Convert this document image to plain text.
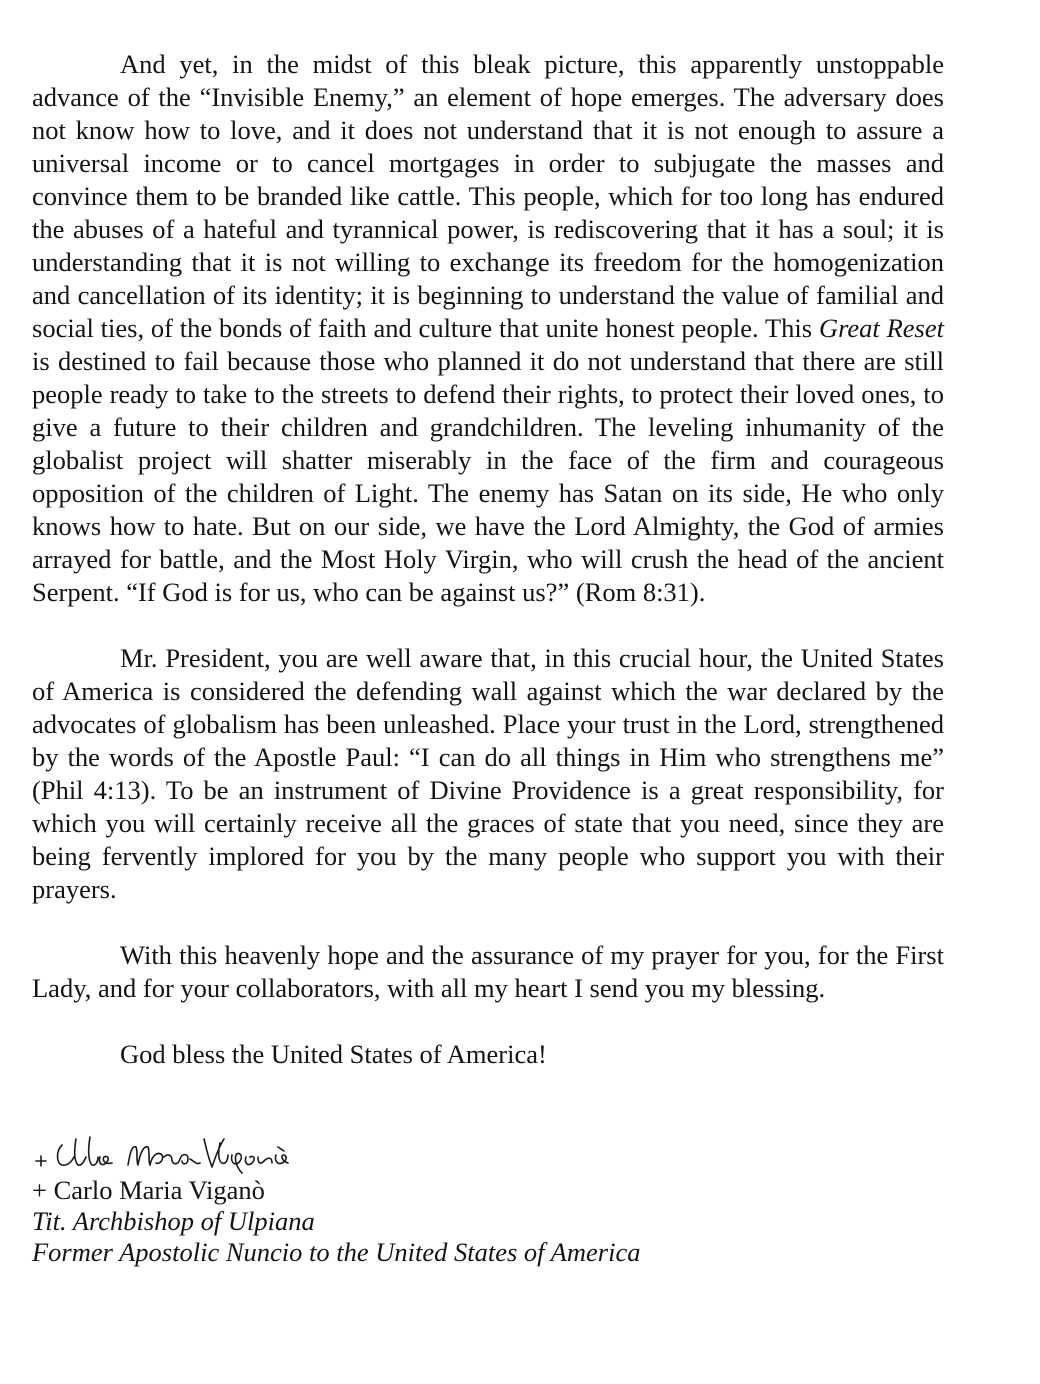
And yet, in the midst of this bleak picture, this apparently unstoppable advance of the “Invisible Enemy,” an element of hope emerges. The adversary does not know how to love, and it does not understand that it is not enough to assure a universal income or to cancel mortgages in order to subjugate the masses and convince them to be branded like cattle. This people, which for too long has endured the abuses of a hateful and tyrannical power, is rediscovering that it has a soul; it is understanding that it is not willing to exchange its freedom for the homogenization and cancellation of its identity; it is beginning to understand the value of familial and social ties, of the bonds of faith and culture that unite honest people. This Great Reset is destined to fail because those who planned it do not understand that there are still people ready to take to the streets to defend their rights, to protect their loved ones, to give a future to their children and grandchildren. The leveling inhumanity of the globalist project will shatter miserably in the face of the firm and courageous opposition of the children of Light. The enemy has Satan on its side, He who only knows how to hate. But on our side, we have the Lord Almighty, the God of armies arrayed for battle, and the Most Holy Virgin, who will crush the head of the ancient Serpent. “If God is for us, who can be against us?” (Rom 8:31).

Mr. President, you are well aware that, in this crucial hour, the United States of America is considered the defending wall against which the war declared by the advocates of globalism has been unleashed. Place your trust in the Lord, strengthened by the words of the Apostle Paul: “I can do all things in Him who strengthens me” (Phil 4:13). To be an instrument of Divine Providence is a great responsibility, for which you will certainly receive all the graces of state that you need, since they are being fervently implored for you by the many people who support you with their prayers.

With this heavenly hope and the assurance of my prayer for you, for the First Lady, and for your collaborators, with all my heart I send you my blessing.

God bless the United States of America!

+ Carlo Maria Viganò

Tit. Archbishop of Ulpiana

Former Apostolic Nuncio to the United States of America
